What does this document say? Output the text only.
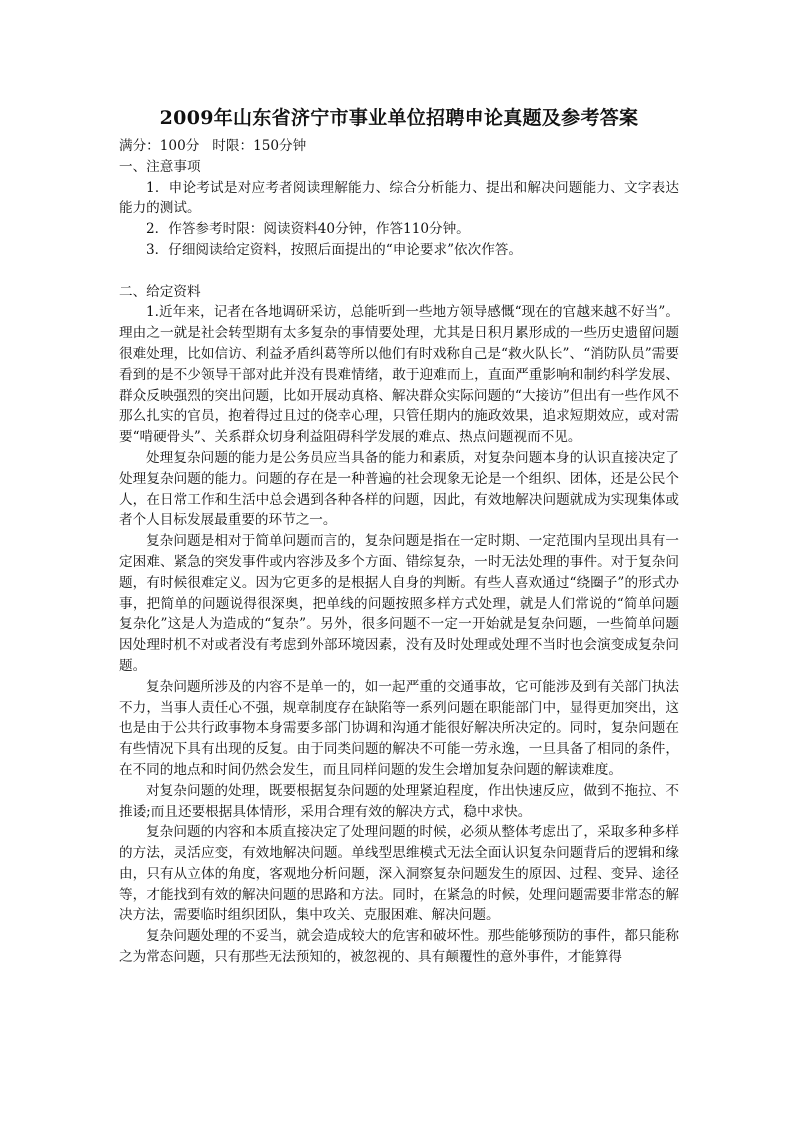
2009年山东省济宁市事业单位招聘申论真题及参考答案

满分：100分   时限：150分钟

一、注意事项

1．申论考试是对应考者阅读理解能力、综合分析能力、提出和解决问题能力、文字表达能力的测试。

2．作答参考时限：阅读资料40分钟，作答110分钟。

3．仔细阅读给定资料，按照后面提出的“申论要求”依次作答。

二、给定资料

1.近年来，记者在各地调研采访，总能听到一些地方领导感慨“现在的官越来越不好当”。理由之一就是社会转型期有太多复杂的事情要处理，尤其是日积月累形成的一些历史遗留问题很难处理，比如信访、利益矛盾纠葛等所以他们有时戏称自己是“救火队长”、“消防队员”需要看到的是不少领导干部对此并没有畏难情绪，敢于迎难而上，直面严重影响和制约科学发展、群众反映强烈的突出问题，比如开展动真格、解决群众实际问题的“大接访”但出有一些作风不那么扎实的官员，抱着得过且过的侥幸心理，只管任期内的施政效果，追求短期效应，或对需要“啃硬骨头”、关系群众切身利益阻碍科学发展的难点、热点问题视而不见。

处理复杂问题的能力是公务员应当具备的能力和素质，对复杂问题本身的认识直接决定了处理复杂问题的能力。问题的存在是一种普遍的社会现象无论是一个组织、团体，还是公民个人，在日常工作和生活中总会遇到各种各样的问题，因此，有效地解决问题就成为实现集体或者个人目标发展最重要的环节之一。

复杂问题是相对于简单问题而言的，复杂问题是指在一定时期、一定范围内呈现出具有一定困难、紧急的突发事件或内容涉及多个方面、错综复杂，一时无法处理的事件。对于复杂问题，有时候很难定义。因为它更多的是根据人自身的判断。有些人喜欢通过“绕圈子”的形式办事，把简单的问题说得很深奥，把单线的问题按照多样方式处理，就是人们常说的“简单问题复杂化”这是人为造成的“复杂”。另外，很多问题不一定一开始就是复杂问题，一些简单问题因处理时机不对或者没有考虑到外部环境因素，没有及时处理或处理不当时也会演变成复杂问题。

复杂问题所涉及的内容不是单一的，如一起严重的交通事故，它可能涉及到有关部门执法不力，当事人责任心不强，规章制度存在缺陷等一系列问题在职能部门中，显得更加突出，这也是由于公共行政事物本身需要多部门协调和沟通才能很好解决所决定的。同时，复杂问题在有些情况下具有出现的反复。由于同类问题的解决不可能一劳永逸，一旦具备了相同的条件，在不同的地点和时间仍然会发生，而且同样问题的发生会增加复杂问题的解读难度。

对复杂问题的处理，既要根据复杂问题的处理紧迫程度，作出快速反应，做到不拖拉、不推诿;而且还要根据具体情形，采用合理有效的解决方式，稳中求快。

复杂问题的内容和本质直接决定了处理问题的时候，必须从整体考虑出了，采取多种多样的方法，灵活应变，有效地解决问题。单线型思维模式无法全面认识复杂问题背后的逻辑和缘由，只有从立体的角度，客观地分析问题，深入洞察复杂问题发生的原因、过程、变异、途径等，才能找到有效的解决问题的思路和方法。同时，在紧急的时候，处理问题需要非常态的解决方法，需要临时组织团队，集中攻关、克服困难、解决问题。

复杂问题处理的不妥当，就会造成较大的危害和破坏性。那些能够预防的事件，都只能称之为常态问题，只有那些无法预知的，被忽视的、具有颠覆性的意外事件，才能算得
